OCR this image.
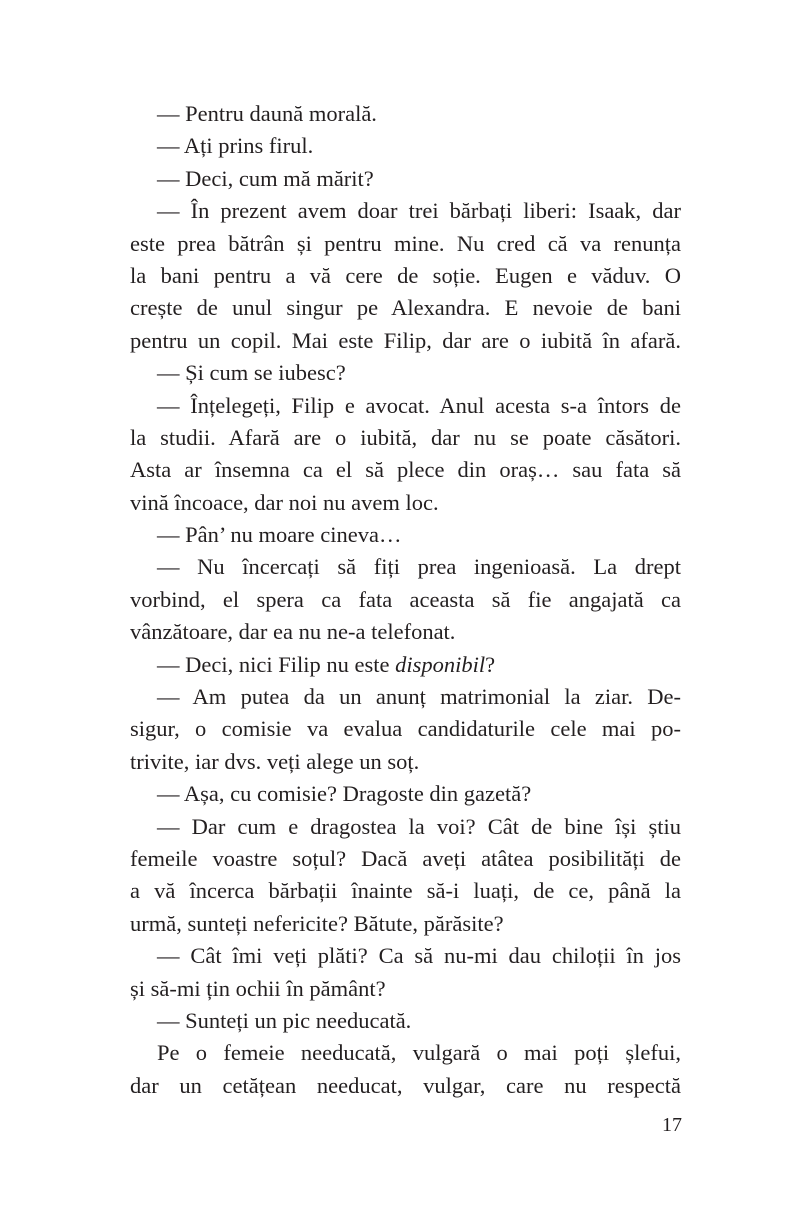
— Pentru daună morală.
— Ați prins firul.
— Deci, cum mă mărit?
— În prezent avem doar trei bărbați liberi: Isaak, dar
este prea bătrân și pentru mine. Nu cred că va renunța
la bani pentru a vă cere de soție. Eugen e văduv. O
crește de unul singur pe Alexandra. E nevoie de bani
pentru un copil. Mai este Filip, dar are o iubită în afară.
— Și cum se iubesc?
— Înțelegeți, Filip e avocat. Anul acesta s-a întors de
la studii. Afară are o iubită, dar nu se poate căsători.
Asta ar însemna ca el să plece din oraș… sau fata să
vină încoace, dar noi nu avem loc.
— Pân’ nu moare cineva…
— Nu încercați să fiți prea ingenioasă. La drept
vorbind, el spera ca fata aceasta să fie angajată ca
vânzătoare, dar ea nu ne-a telefonat.
— Deci, nici Filip nu este disponibil?
— Am putea da un anunț matrimonial la ziar. De-
sigur, o comisie va evalua candidaturile cele mai po-
trivite, iar dvs. veți alege un soț.
— Așa, cu comisie? Dragoste din gazetă?
— Dar cum e dragostea la voi? Cât de bine își știu
femeile voastre soțul? Dacă aveți atâtea posibilități de
a vă încerca bărbații înainte să-i luați, de ce, până la
urmă, sunteți nefericite? Bătute, părăsite?
— Cât îmi veți plăti? Ca să nu-mi dau chiloții în jos
și să-mi țin ochii în pământ?
— Sunteți un pic needucată.
Pe o femeie needucată, vulgară o mai poți șlefui,
dar un cetățean needucat, vulgar, care nu respectă
17
